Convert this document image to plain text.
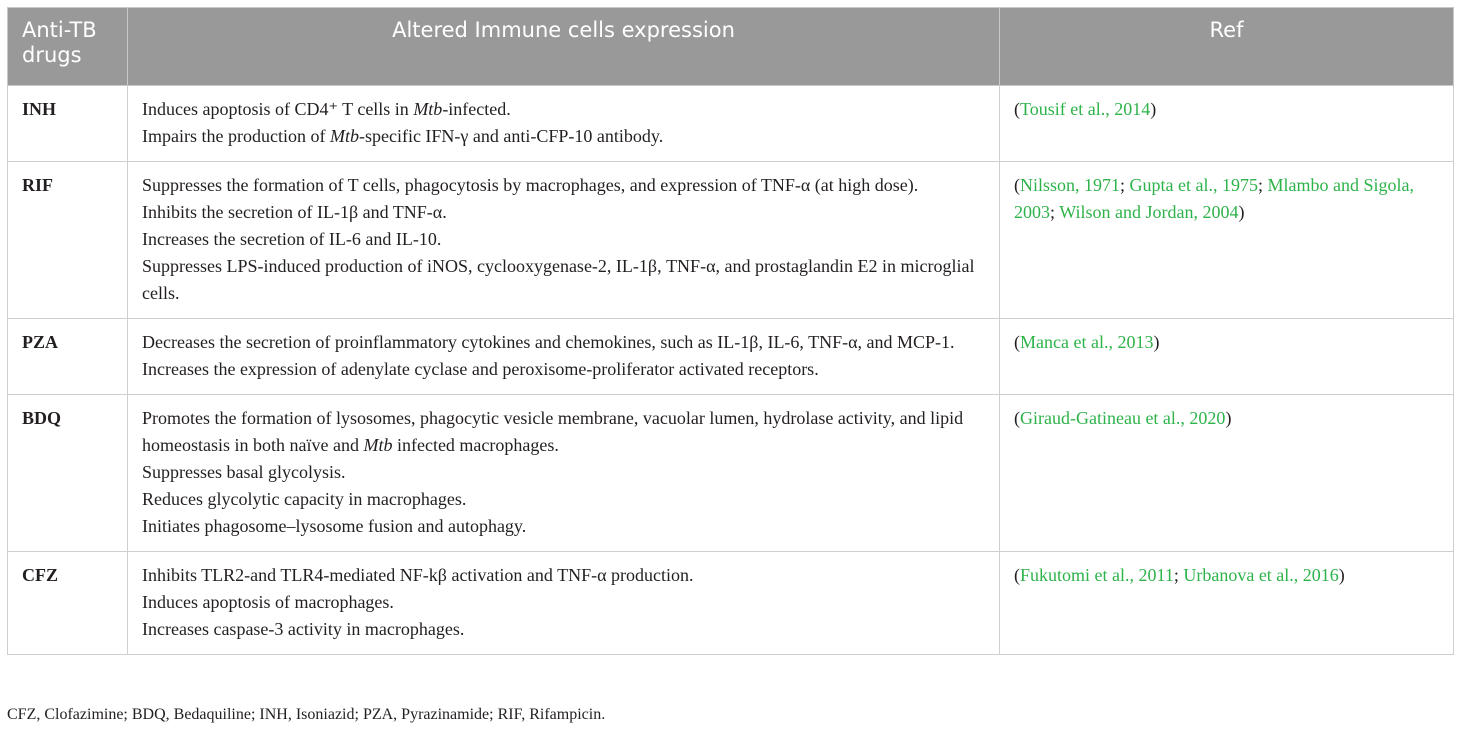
Anti-TB drugs	Altered Immune cells expression	Ref
INH	Induces apoptosis of CD4⁺ T cells in Mtb-infected.
Impairs the production of Mtb-specific IFN-γ and anti-CFP-10 antibody.	(Tousif et al., 2014)
RIF	Suppresses the formation of T cells, phagocytosis by macrophages, and expression of TNF-α (at high dose).
Inhibits the secretion of IL-1β and TNF-α.
Increases the secretion of IL-6 and IL-10.
Suppresses LPS-induced production of iNOS, cyclooxygenase-2, IL-1β, TNF-α, and prostaglandin E2 in microglial cells.	(Nilsson, 1971; Gupta et al., 1975; Mlambo and Sigola, 2003; Wilson and Jordan, 2004)
PZA	Decreases the secretion of proinflammatory cytokines and chemokines, such as IL-1β, IL-6, TNF-α, and MCP-1.
Increases the expression of adenylate cyclase and peroxisome-proliferator activated receptors.	(Manca et al., 2013)
BDQ	Promotes the formation of lysosomes, phagocytic vesicle membrane, vacuolar lumen, hydrolase activity, and lipid homeostasis in both naïve and Mtb infected macrophages.
Suppresses basal glycolysis.
Reduces glycolytic capacity in macrophages.
Initiates phagosome–lysosome fusion and autophagy.	(Giraud-Gatineau et al., 2020)
CFZ	Inhibits TLR2-and TLR4-mediated NF-kβ activation and TNF-α production.
Induces apoptosis of macrophages.
Increases caspase-3 activity in macrophages.	(Fukutomi et al., 2011; Urbanova et al., 2016)
CFZ, Clofazimine; BDQ, Bedaquiline; INH, Isoniazid; PZA, Pyrazinamide; RIF, Rifampicin.
